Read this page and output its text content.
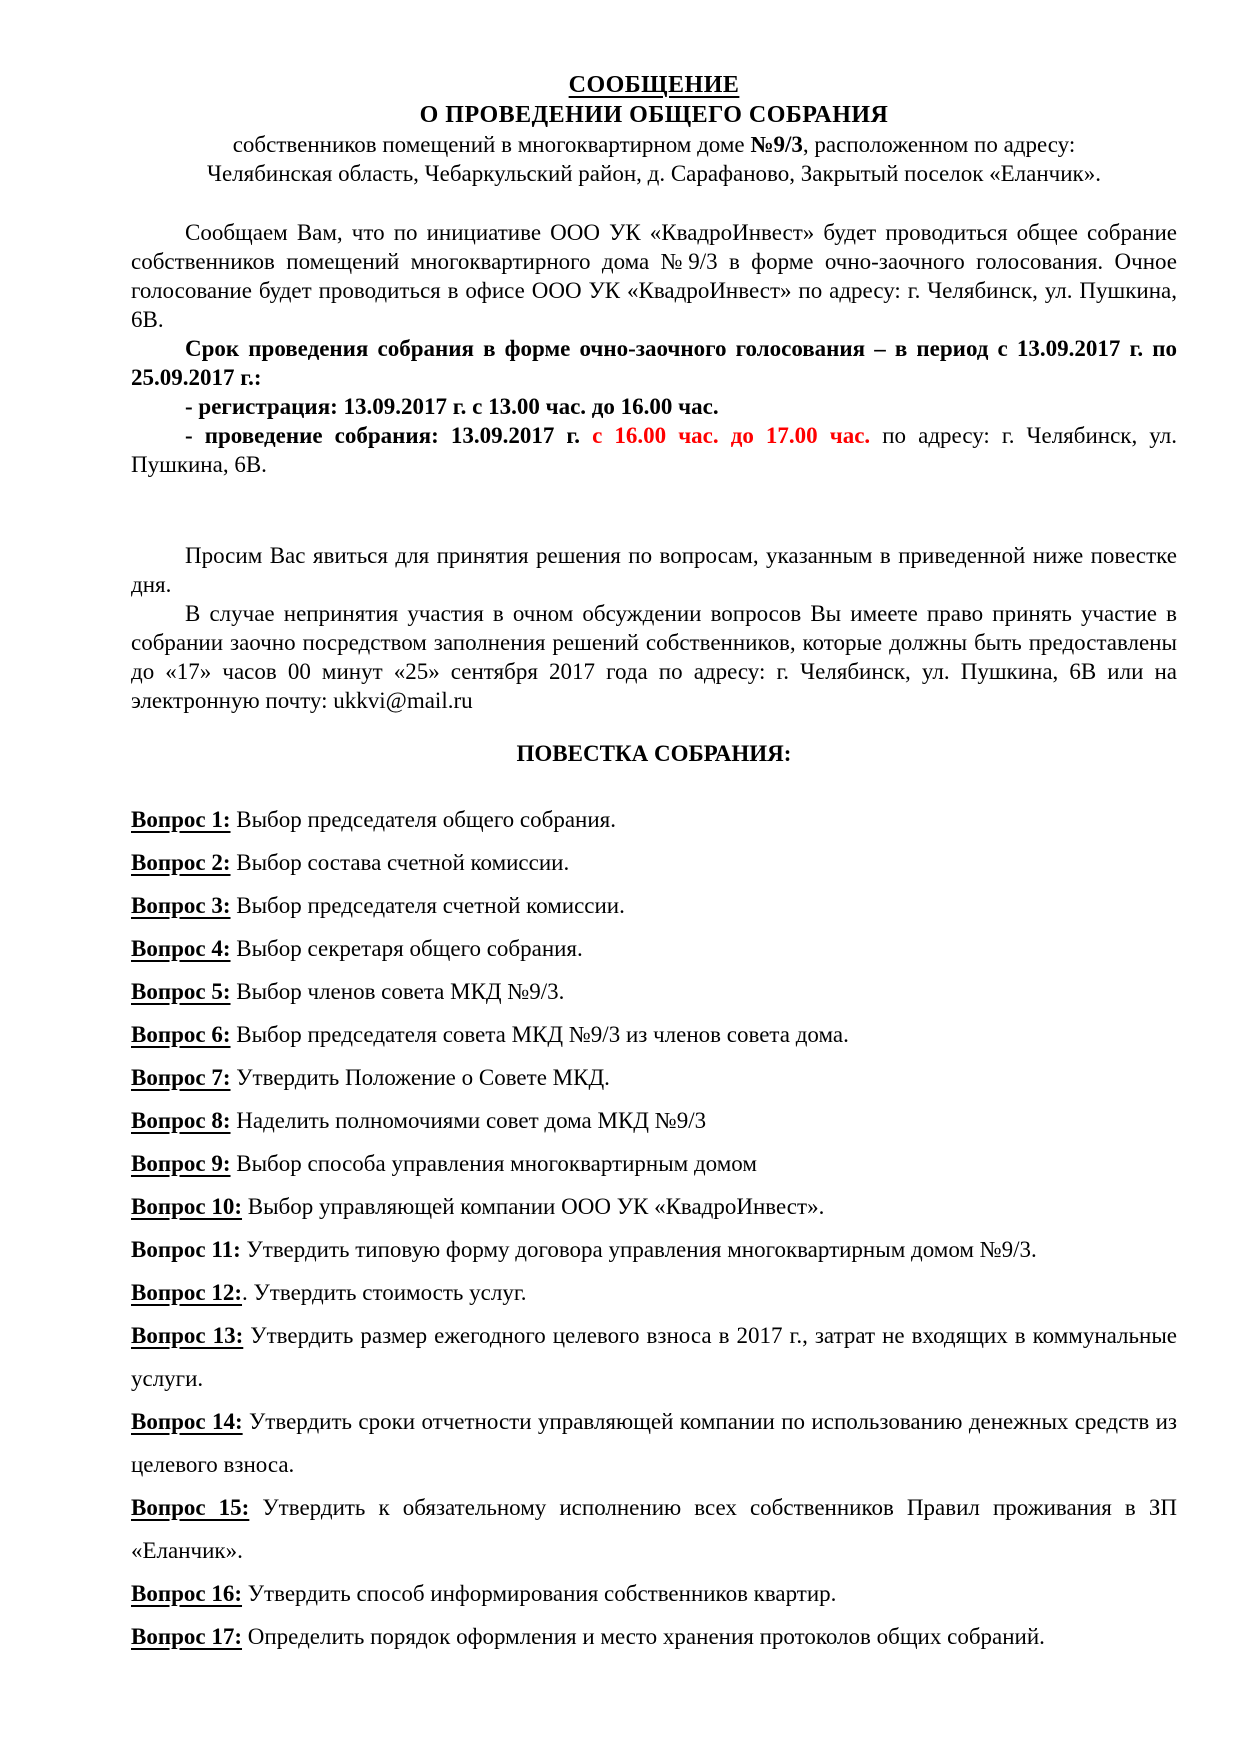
СООБЩЕНИЕ
О ПРОВЕДЕНИИ ОБЩЕГО СОБРАНИЯ
собственников помещений в многоквартирном доме №9/3, расположенном по адресу:
Челябинская область, Чебаркульский район, д. Сарафаново, Закрытый поселок «Еланчик».

Сообщаем Вам, что по инициативе ООО УК «КвадроИнвест» будет проводиться общее собрание собственников помещений многоквартирного дома №9/3 в форме очно-заочного голосования. Очное голосование будет проводиться в офисе ООО УК «КвадроИнвест» по адресу: г. Челябинск, ул. Пушкина, 6В.

Срок проведения собрания в форме очно-заочного голосования – в период с 13.09.2017 г. по 25.09.2017 г.:

- регистрация: 13.09.2017 г. с 13.00 час. до 16.00 час.

- проведение собрания: 13.09.2017 г. с 16.00 час. до 17.00 час. по адресу: г. Челябинск, ул. Пушкина, 6В.

Просим Вас явиться для принятия решения по вопросам, указанным в приведенной ниже повестке дня.

В случае непринятия участия в очном обсуждении вопросов Вы имеете право принять участие в собрании заочно посредством заполнения решений собственников, которые должны быть предоставлены до «17» часов 00 минут «25» сентября 2017 года по адресу: г. Челябинск, ул. Пушкина, 6В или на электронную почту: ukkvi@mail.ru

ПОВЕСТКА СОБРАНИЯ:

Вопрос 1: Выбор председателя общего собрания.

Вопрос 2: Выбор состава счетной комиссии.

Вопрос 3: Выбор председателя счетной комиссии.

Вопрос 4: Выбор секретаря общего собрания.

Вопрос 5: Выбор членов совета МКД №9/3.

Вопрос 6: Выбор председателя совета МКД №9/3 из членов совета дома.

Вопрос 7: Утвердить Положение о Совете МКД.

Вопрос 8: Наделить полномочиями совет дома МКД №9/3

Вопрос 9: Выбор способа управления многоквартирным домом

Вопрос 10: Выбор управляющей компании ООО УК «КвадроИнвест».

Вопрос 11: Утвердить типовую форму договора управления многоквартирным домом №9/3.

Вопрос 12:. Утвердить стоимость услуг.

Вопрос 13: Утвердить размер ежегодного целевого взноса в 2017 г., затрат не входящих в коммунальные услуги.

Вопрос 14: Утвердить сроки отчетности управляющей компании по использованию денежных средств из целевого взноса.

Вопрос 15: Утвердить к обязательному исполнению всех собственников Правил проживания в ЗП «Еланчик».

Вопрос 16: Утвердить способ информирования собственников квартир.

Вопрос 17: Определить порядок оформления и место хранения протоколов общих собраний.
